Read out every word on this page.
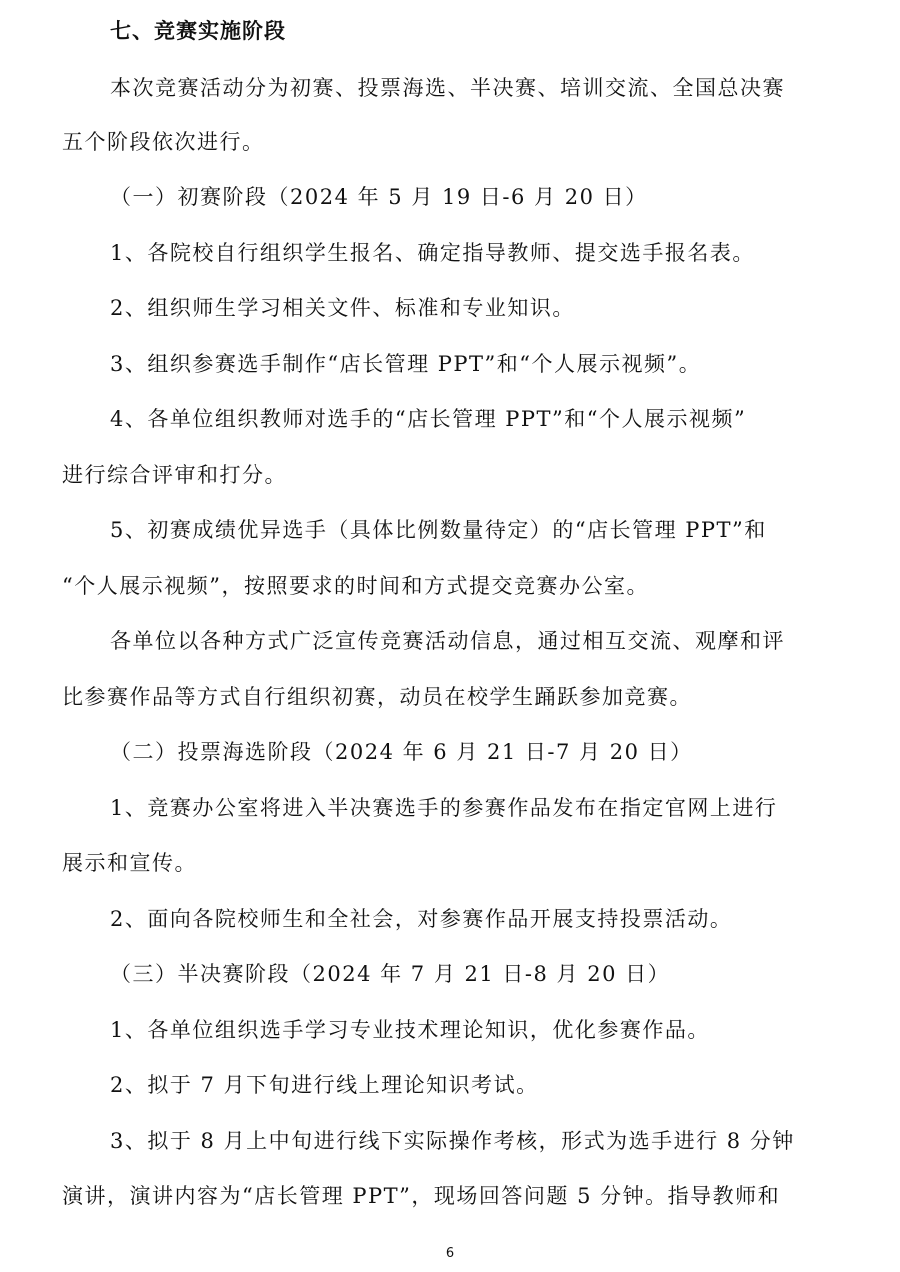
七、竞赛实施阶段
本次竞赛活动分为初赛、投票海选、半决赛、培训交流、全国总决赛
五个阶段依次进行。
（一）初赛阶段（2024 年 5 月 19 日-6 月 20 日）
1、各院校自行组织学生报名、确定指导教师、提交选手报名表。
2、组织师生学习相关文件、标准和专业知识。
3、组织参赛选手制作“店长管理 PPT”和“个人展示视频”。
4、各单位组织教师对选手的“店长管理 PPT”和“个人展示视频”
进行综合评审和打分。
5、初赛成绩优异选手（具体比例数量待定）的“店长管理 PPT”和
“个人展示视频”，按照要求的时间和方式提交竞赛办公室。
各单位以各种方式广泛宣传竞赛活动信息，通过相互交流、观摩和评
比参赛作品等方式自行组织初赛，动员在校学生踊跃参加竞赛。
（二）投票海选阶段（2024 年 6 月 21 日-7 月 20 日）
1、竞赛办公室将进入半决赛选手的参赛作品发布在指定官网上进行
展示和宣传。
2、面向各院校师生和全社会，对参赛作品开展支持投票活动。
（三）半决赛阶段（2024 年 7 月 21 日-8 月 20 日）
1、各单位组织选手学习专业技术理论知识，优化参赛作品。
2、拟于 7 月下旬进行线上理论知识考试。
3、拟于 8 月上中旬进行线下实际操作考核，形式为选手进行 8 分钟
演讲，演讲内容为“店长管理 PPT”，现场回答问题 5 分钟。指导教师和
6
